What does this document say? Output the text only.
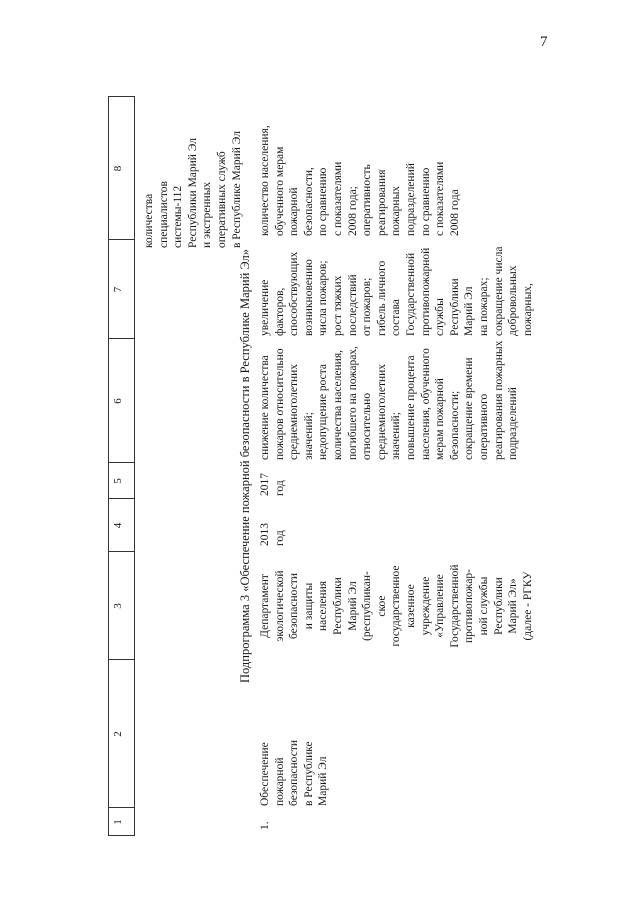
7
1
2
3
4
5
6
7
8
количества специалистов системы-112 Республики Марий Эл и экстренных оперативных служб в Республике Марий Эл
Подпрограмма 3 «Обеспечение пожарной безопасности в Республике Марий Эл»
1.
Обеспечение пожарной безопасности в Республике Марий Эл
Департамент экологической безопасности и защиты населения Республики Марий Эл (республикан- ское государственное казенное учреждение «Управление Государственной противопожар- ной службы Республики Марий Эл» (далее - РГКУ
2013 год
2017 год
снижение количества пожаров относительно среднемноголетних значений; недопущение роста количества населения, погибшего на пожарах, относительно среднемноголетних значений; повышение процента населения, обученного мерам пожарной безопасности; сокращение времени оперативного реагирования пожарных подразделений
увеличение факторов, способствующих возникновению числа пожаров; рост тяжких последствий от пожаров; гибель личного состава Государственной противопожарной службы Республики Марий Эл на пожарах; сокращение числа добровольных пожарных,
количество населения, обученного мерам пожарной безопасности, по сравнению с показателями 2008 года; оперативность реагирования пожарных подразделений по сравнению с показателями 2008 года
